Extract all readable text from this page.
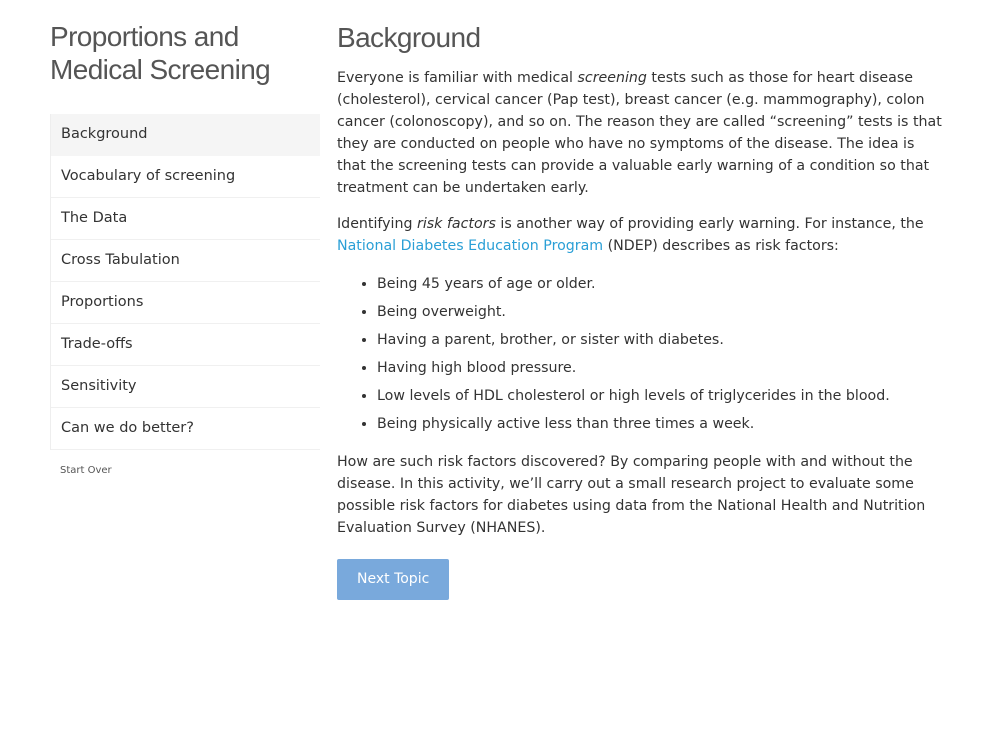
Proportions and Medical Screening
Background
Vocabulary of screening
The Data
Cross Tabulation
Proportions
Trade-offs
Sensitivity
Can we do better?
Start Over
Background

Everyone is familiar with medical screening tests such as those for heart disease (cholesterol), cervical cancer (Pap test), breast cancer (e.g. mammography), colon cancer (colonoscopy), and so on. The reason they are called “screening” tests is that they are conducted on people who have no symptoms of the disease. The idea is that the screening tests can provide a valuable early warning of a condition so that treatment can be undertaken early.

Identifying risk factors is another way of providing early warning. For instance, the National Diabetes Education Program (NDEP) describes as risk factors:

• Being 45 years of age or older.
• Being overweight.
• Having a parent, brother, or sister with diabetes.
• Having high blood pressure.
• Low levels of HDL cholesterol or high levels of triglycerides in the blood.
• Being physically active less than three times a week.

How are such risk factors discovered? By comparing people with and without the disease. In this activity, we’ll carry out a small research project to evaluate some possible risk factors for diabetes using data from the National Health and Nutrition Evaluation Survey (NHANES).

Next Topic
